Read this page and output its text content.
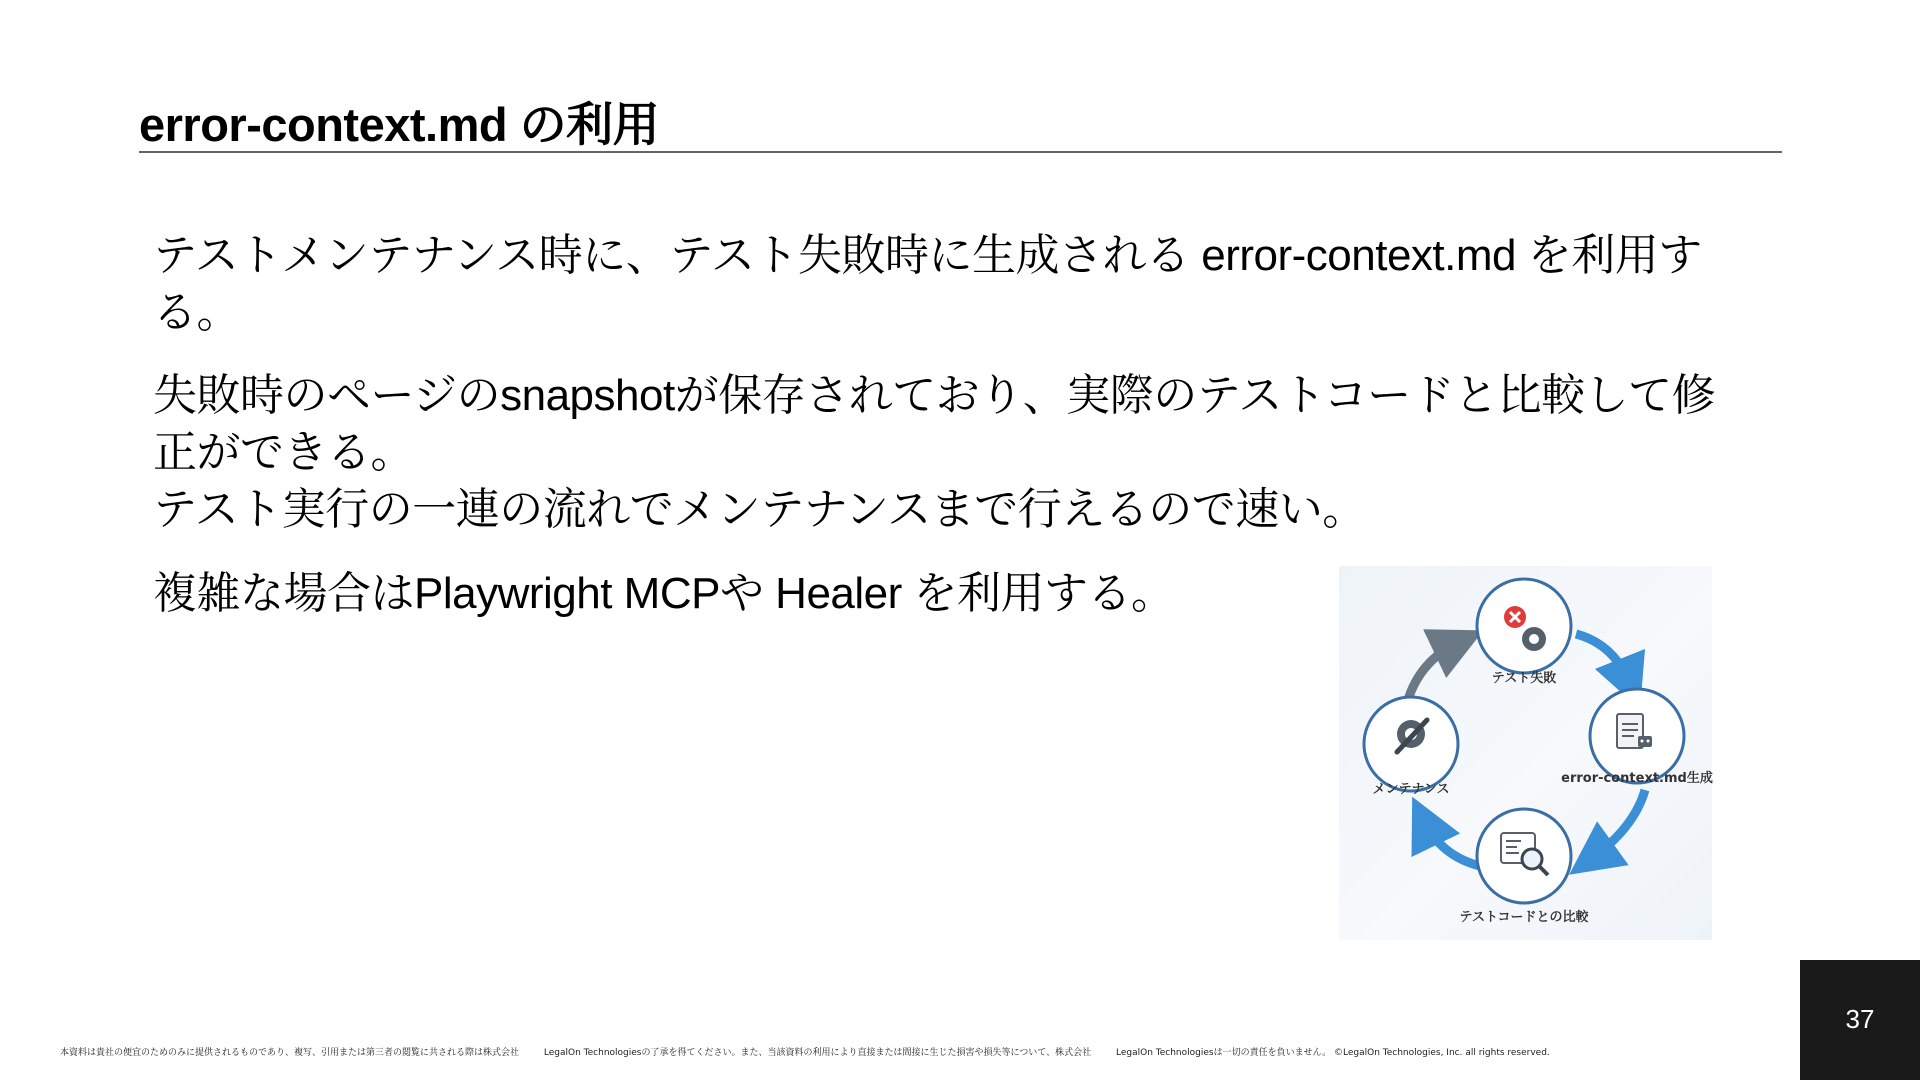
error-context.md の利用
テストメンテナンス時に、テスト失敗時に生成される error-context.md を利用す
る。
失敗時のページのsnapshotが保存されており、実際のテストコードと比較して修
正ができる。
テスト実行の一連の流れでメンテナンスまで行えるので速い。
複雑な場合はPlaywright MCPや Healer を利用する。
テスト失敗
error-context.md生成
テストコードとの比較
メンテナンス
本資料は貴社の便宜のためのみに提供されるものであり、複写、引用または第三者の閲覧に共される際は株式会社	LegalOn Technologiesの了承を得てください。また、当該資料の利用により直接または間接に生じた損害や損失等について、株式会社	LegalOn Technologiesは一切の責任を負いません。 ©LegalOn Technologies, Inc. all rights reserved.
37
